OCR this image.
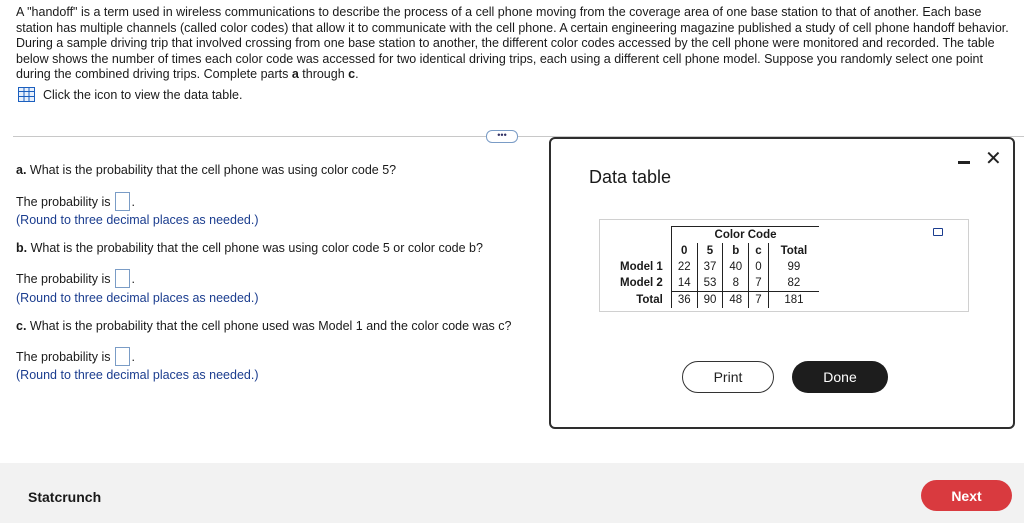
A "handoff" is a term used in wireless communications to describe the process of a cell phone moving from the coverage area of one base station to that of another. Each base station has multiple channels (called color codes) that allow it to communicate with the cell phone. A certain engineering magazine published a study of cell phone handoff behavior. During a sample driving trip that involved crossing from one base station to another, the different color codes accessed by the cell phone were monitored and recorded. The table below shows the number of times each color code was accessed for two identical driving trips, each using a different cell phone model. Suppose you randomly select one point during the combined driving trips. Complete parts a through c.
Click the icon to view the data table.
•••
a. What is the probability that the cell phone was using color code 5?
The probability is .
(Round to three decimal places as needed.)
b. What is the probability that the cell phone was using color code 5 or color code b?
The probability is .
(Round to three decimal places as needed.)
c. What is the probability that the cell phone used was Model 1 and the color code was c?
The probability is .
(Round to three decimal places as needed.)
Data table
✕
	Color Code				
	0	5	b	c	Total
Model 1	22	37	40	0	99
Model 2	14	53	8	7	82
Total	36	90	48	7	181
Print	Done
Statcrunch	Next
